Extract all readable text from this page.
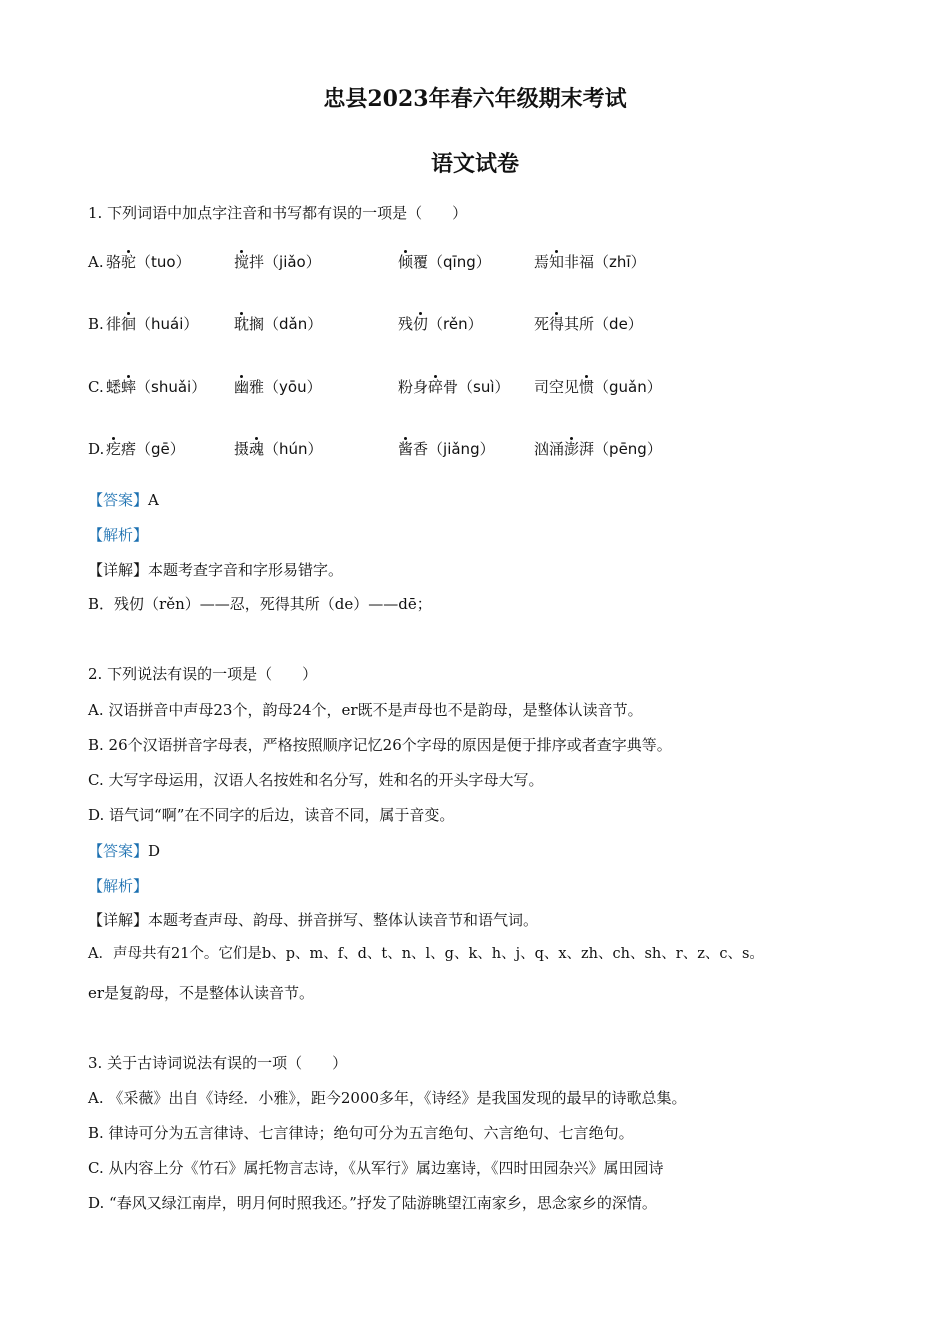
忠县2023年春六年级期末考试
语文试卷
1. 下列词语中加点字注音和书写都有误的一项是（　　）
A. 骆驼（tuo）	搅拌（jiǎo）	倾覆（qīng）	焉知非福（zhī）
B. 徘徊（huái） 耽搁（dǎn）	残仞（rěn）	死得其所（de）
C. 蟋蟀（shuǎi） 幽雅（yōu）	粉身碎骨（suì） 司空见惯（guǎn）
D. 疙瘩（gē）	摄魂（hún）	酱香（jiǎng）	汹涌澎湃（pēng）
【答案】A
【解析】
【详解】本题考查字音和字形易错字。
B．残仞（rěn）——忍，死得其所（de）——dē；
2. 下列说法有误的一项是（　　）
A. 汉语拼音中声母23个，韵母24个，er既不是声母也不是韵母，是整体认读音节。
B. 26个汉语拼音字母表，严格按照顺序记忆26个字母的原因是便于排序或者查字典等。
C. 大写字母运用，汉语人名按姓和名分写，姓和名的开头字母大写。
D. 语气词“啊”在不同字的后边，读音不同，属于音变。
【答案】D
【解析】
【详解】本题考查声母、韵母、拼音拼写、整体认读音节和语气词。
A．声母共有21个。它们是b、p、m、f、d、t、n、l、g、k、h、j、q、x、zh、ch、sh、r、z、c、s。
er是复韵母，不是整体认读音节。
3. 关于古诗词说法有误的一项（　　）
A. 《采薇》出自《诗经．小雅》，距今2000多年，《诗经》是我国发现的最早的诗歌总集。
B. 律诗可分为五言律诗、七言律诗；绝句可分为五言绝句、六言绝句、七言绝句。
C. 从内容上分《竹石》属托物言志诗，《从军行》属边塞诗，《四时田园杂兴》属田园诗
D. “春风又绿江南岸，明月何时照我还。”抒发了陆游眺望江南家乡，思念家乡的深情。
